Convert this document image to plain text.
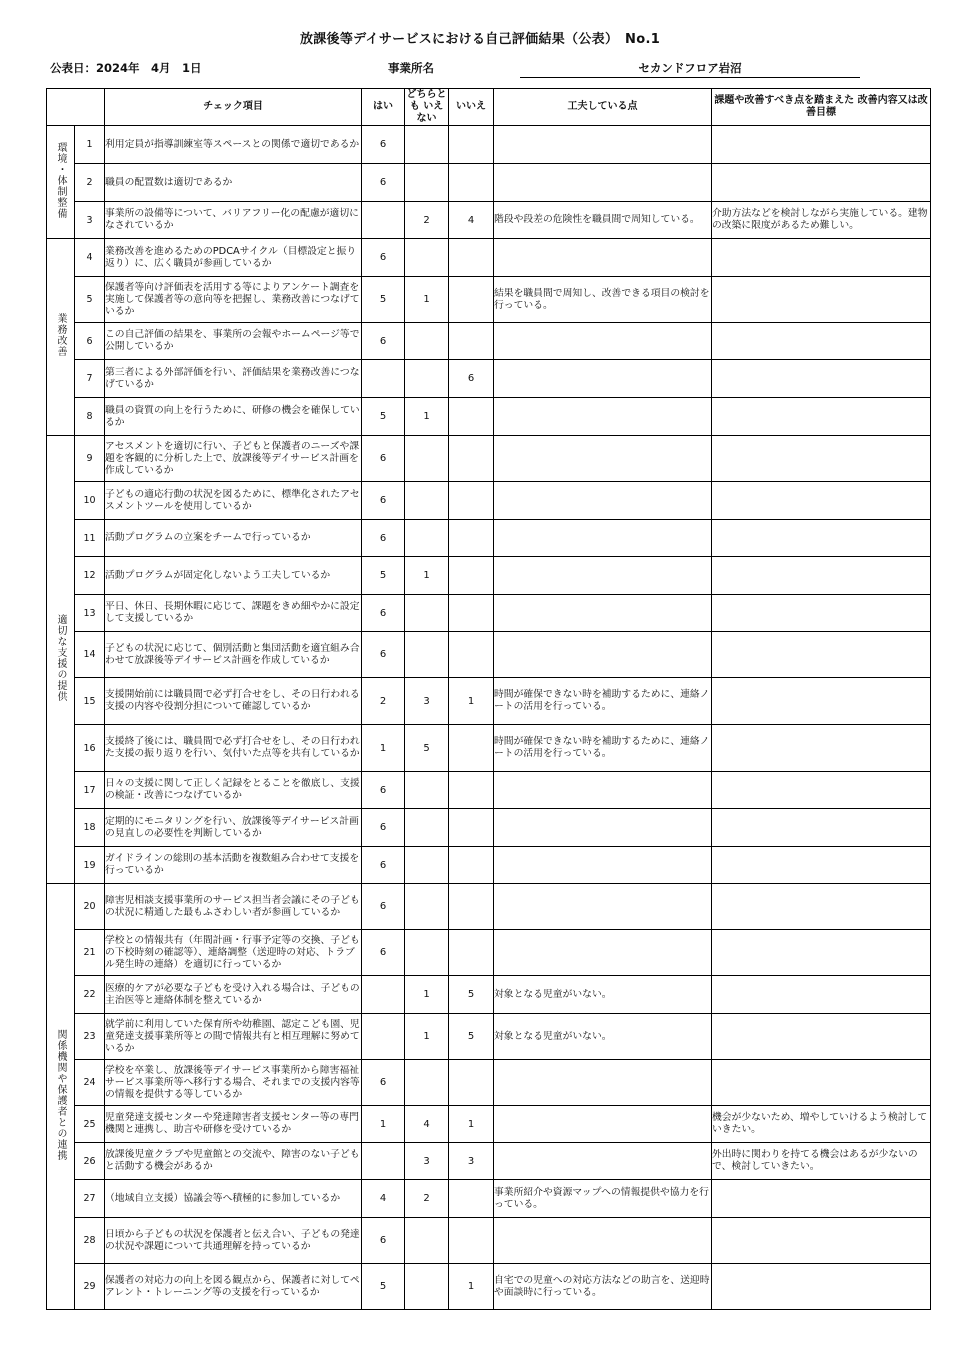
放課後等デイサービスにおける自己評価結果（公表）　No.1
公表日：2024年　4月　1日	事業所名	セカンドフロア岩沼
		チェック項目	はい	どちらとも いえない	いいえ	工夫している点	課題や改善すべき点を踏まえた 改善内容又は改善目標
環境・体制整備	1	利用定員が指導訓練室等スペースとの関係で適切であるか	6				
	2	職員の配置数は適切であるか	6				
	3	事業所の設備等について、バリアフリー化の配慮が適切になされているか		2	4	階段や段差の危険性を職員間で周知している。	介助方法などを検討しながら実施している。建物の改築に限度があるため難しい。
業務改善	4	業務改善を進めるためのPDCAサイクル（目標設定と振り返り）に、広く職員が参画しているか	6				
	5	保護者等向け評価表を活用する等によりアンケート調査を実施して保護者等の意向等を把握し、業務改善につなげているか	5	1		結果を職員間で周知し、改善できる項目の検討を行っている。	
	6	この自己評価の結果を、事業所の会報やホームページ等で公開しているか	6				
	7	第三者による外部評価を行い、評価結果を業務改善につなげているか			6		
	8	職員の資質の向上を行うために、研修の機会を確保しているか	5	1			
適切な支援の提供	9	アセスメントを適切に行い、子どもと保護者のニーズや課題を客観的に分析した上で、放課後等デイサービス計画を作成しているか	6				
	10	子どもの適応行動の状況を図るために、標準化されたアセスメントツールを使用しているか	6				
	11	活動プログラムの立案をチームで行っているか	6				
	12	活動プログラムが固定化しないよう工夫しているか	5	1			
	13	平日、休日、長期休暇に応じて、課題をきめ細やかに設定して支援しているか	6				
	14	子どもの状況に応じて、個別活動と集団活動を適宜組み合わせて放課後等デイサービス計画を作成しているか	6				
	15	支援開始前には職員間で必ず打合せをし、その日行われる支援の内容や役割分担について確認しているか	2	3	1	時間が確保できない時を補助するために、連絡ノートの活用を行っている。	
	16	支援終了後には、職員間で必ず打合せをし、その日行われた支援の振り返りを行い、気付いた点等を共有しているか	1	5		時間が確保できない時を補助するために、連絡ノートの活用を行っている。	
	17	日々の支援に関して正しく記録をとることを徹底し、支援の検証・改善につなげているか	6				
	18	定期的にモニタリングを行い、放課後等デイサービス計画の見直しの必要性を判断しているか	6				
	19	ガイドラインの総則の基本活動を複数組み合わせて支援を行っているか	6				
関係機関や保護者との連携	20	障害児相談支援事業所のサービス担当者会議にその子どもの状況に精通した最もふさわしい者が参画しているか	6				
	21	学校との情報共有（年間計画・行事予定等の交換、子どもの下校時刻の確認等）、連絡調整（送迎時の対応、トラブル発生時の連絡）を適切に行っているか	6				
	22	医療的ケアが必要な子どもを受け入れる場合は、子どもの主治医等と連絡体制を整えているか		1	5	対象となる児童がいない。	
	23	就学前に利用していた保育所や幼稚園、認定こども園、児童発達支援事業所等との間で情報共有と相互理解に努めているか		1	5	対象となる児童がいない。	
	24	学校を卒業し、放課後等デイサービス事業所から障害福祉サービス事業所等へ移行する場合、それまでの支援内容等の情報を提供する等しているか	6				
	25	児童発達支援センターや発達障害者支援センター等の専門機関と連携し、助言や研修を受けているか	1	4	1		機会が少ないため、増やしていけるよう検討していきたい。
	26	放課後児童クラブや児童館との交流や、障害のない子どもと活動する機会があるか		3	3		外出時に関わりを持てる機会はあるが少ないので、検討していきたい。
	27	（地域自立支援）協議会等へ積極的に参加しているか	4	2		事業所紹介や資源マップへの情報提供や協力を行っている。	
	28	日頃から子どもの状況を保護者と伝え合い、子どもの発達の状況や課題について共通理解を持っているか	6				
	29	保護者の対応力の向上を図る観点から、保護者に対してペアレント・トレーニング等の支援を行っているか	5		1	自宅での児童への対応方法などの助言を、送迎時や面談時に行っている。	
